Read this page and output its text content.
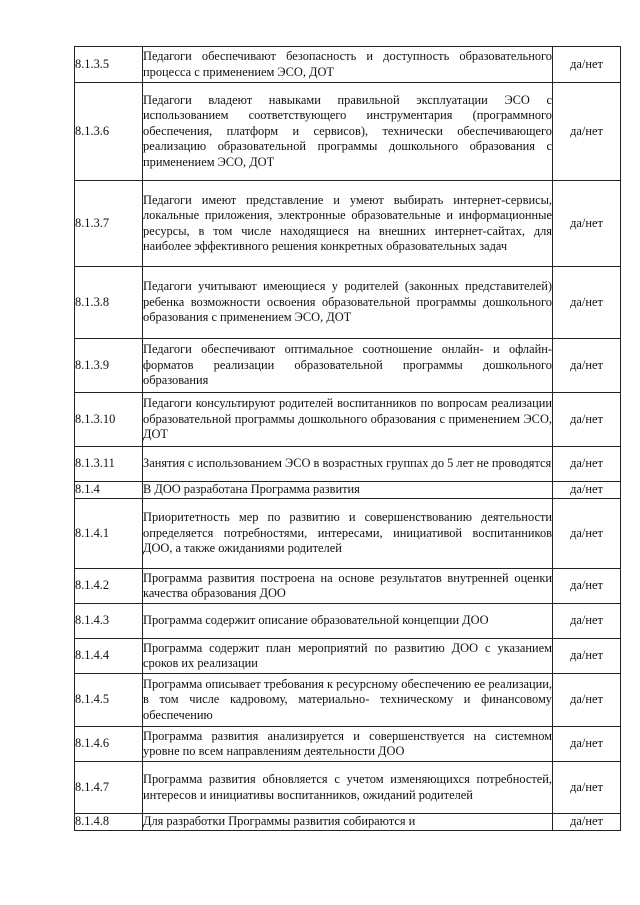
8.1.3.5	Педагоги обеспечивают безопасность и доступность образовательного процесса с применением ЭСО, ДОТ	да/нет
8.1.3.6	Педагоги владеют навыками правильной эксплуатации ЭСО с использованием соответствующего инструментария (программного обеспечения, платформ и сервисов), технически обеспечивающего реализацию образовательной программы дошкольного образования с применением ЭСО, ДОТ	да/нет
8.1.3.7	Педагоги имеют представление и умеют выбирать интернет-сервисы, локальные приложения, электронные образовательные и информационные ресурсы, в том числе находящиеся на внешних интернет-сайтах, для наиболее эффективного решения конкретных образовательных задач	да/нет
8.1.3.8	Педагоги учитывают имеющиеся у родителей (законных представителей) ребенка возможности освоения образовательной программы дошкольного образования с применением ЭСО, ДОТ	да/нет
8.1.3.9	Педагоги обеспечивают оптимальное соотношение онлайн- и офлайн-форматов реализации образовательной программы дошкольного образования	да/нет
8.1.3.10	Педагоги консультируют родителей воспитанников по вопросам реализации образовательной программы дошкольного образования с применением ЭСО, ДОТ	да/нет
8.1.3.11	Занятия с использованием ЭСО в возрастных группах до 5 лет не проводятся	да/нет
8.1.4	В ДОО разработана Программа развития	да/нет
8.1.4.1	Приоритетность мер по развитию и совершенствованию деятельности определяется потребностями, интересами, инициативой воспитанников ДОО, а также ожиданиями родителей	да/нет
8.1.4.2	Программа развития построена на основе результатов внутренней оценки качества образования ДОО	да/нет
8.1.4.3	Программа содержит описание образовательной концепции ДОО	да/нет
8.1.4.4	Программа содержит план мероприятий по развитию ДОО с указанием сроков их реализации	да/нет
8.1.4.5	Программа описывает требования к ресурсному обеспечению ее реализации, в том числе кадровому, материально- техническому и финансовому обеспечению	да/нет
8.1.4.6	Программа развития анализируется и совершенствуется на системном уровне по всем направлениям деятельности ДОО	да/нет
8.1.4.7	Программа развития обновляется с учетом изменяющихся потребностей, интересов и инициативы воспитанников, ожиданий родителей	да/нет
8.1.4.8	Для разработки Программы развития собираются и	да/нет
